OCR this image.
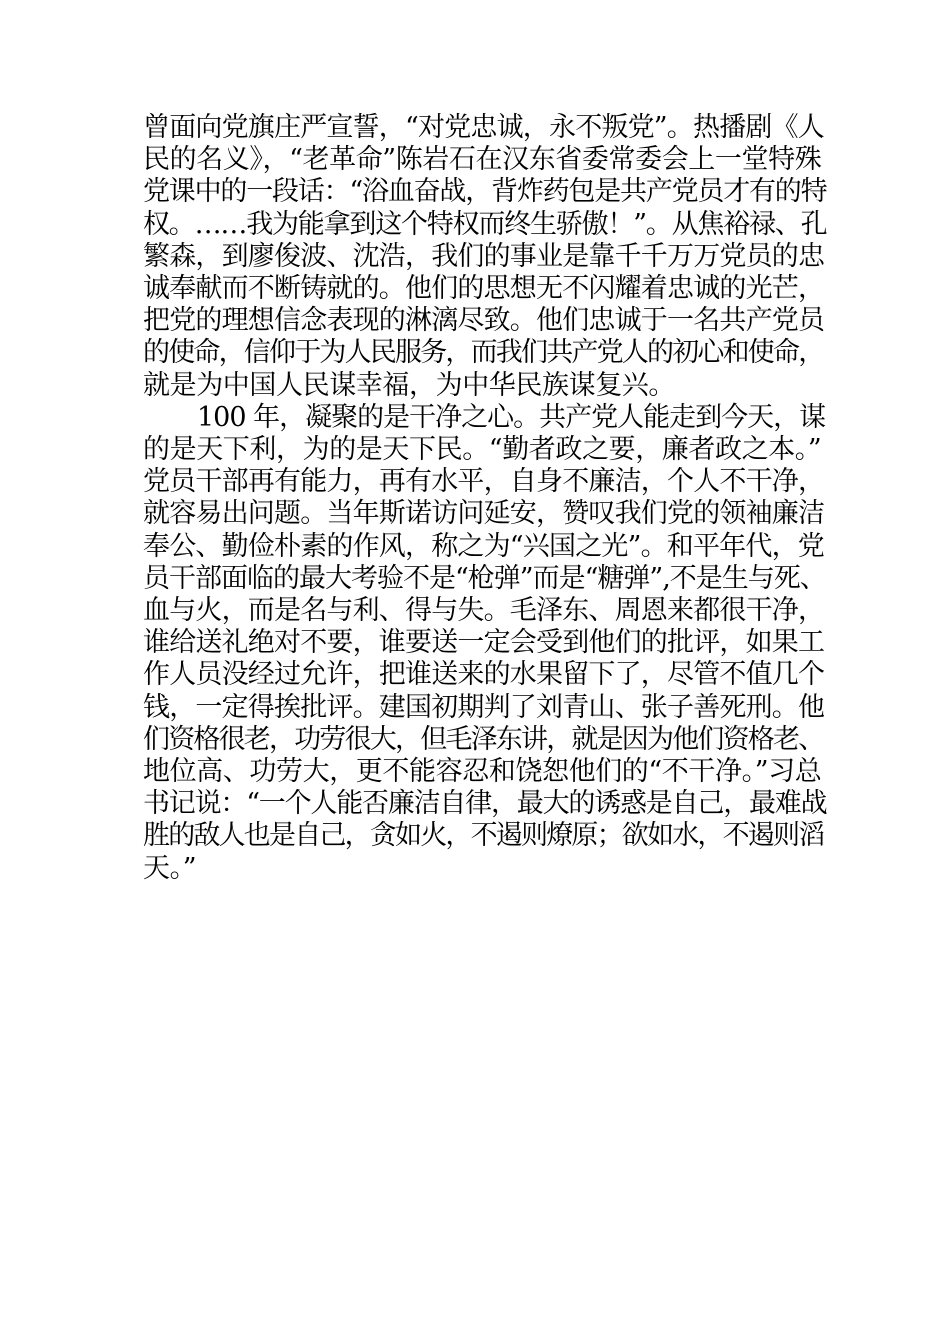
曾面向党旗庄严宣誓，“对党忠诚，永不叛党”。热播剧《人
民的名义》，“老革命”陈岩石在汉东省委常委会上一堂特殊
党课中的一段话：“浴血奋战，背炸药包是共产党员才有的特
权。……我为能拿到这个特权而终生骄傲！”。从焦裕禄、孔
繁森，到廖俊波、沈浩，我们的事业是靠千千万万党员的忠
诚奉献而不断铸就的。他们的思想无不闪耀着忠诚的光芒，
把党的理想信念表现的淋漓尽致。他们忠诚于一名共产党员
的使命，信仰于为人民服务，而我们共产党人的初心和使命，
就是为中国人民谋幸福，为中华民族谋复兴。

100 年，凝聚的是干净之心。共产党人能走到今天，谋
的是天下利，为的是天下民。“勤者政之要，廉者政之本。”
党员干部再有能力，再有水平，自身不廉洁，个人不干净，
就容易出问题。当年斯诺访问延安，赞叹我们党的领袖廉洁
奉公、勤俭朴素的作风，称之为“兴国之光”。和平年代，党
员干部面临的最大考验不是“枪弹”而是“糖弹”,不是生与死、
血与火，而是名与利、得与失。毛泽东、周恩来都很干净，
谁给送礼绝对不要，谁要送一定会受到他们的批评，如果工
作人员没经过允许，把谁送来的水果留下了，尽管不值几个
钱，一定得挨批评。建国初期判了刘青山、张子善死刑。他
们资格很老，功劳很大，但毛泽东讲，就是因为他们资格老、
地位高、功劳大，更不能容忍和饶恕他们的“不干净。”习总
书记说：“一个人能否廉洁自律，最大的诱惑是自己，最难战
胜的敌人也是自己，贪如火，不遏则燎原；欲如水，不遏则滔
天。”
